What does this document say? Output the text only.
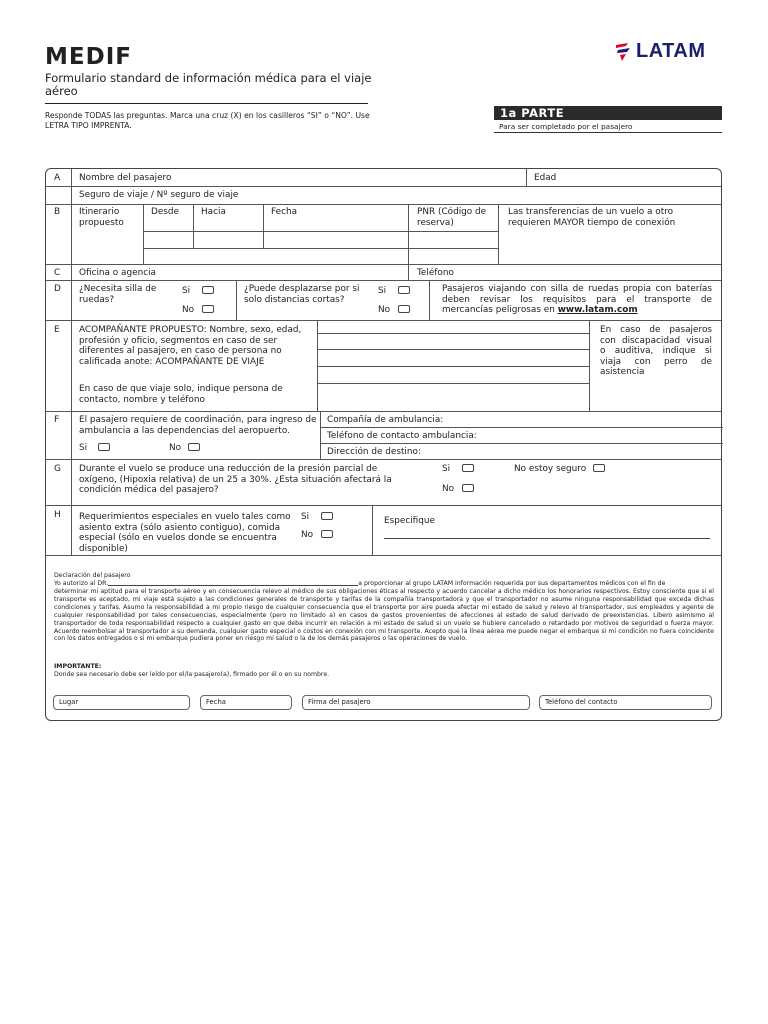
MEDIF
Formulario standard de información médica para el viaje aéreo
Responde TODAS las preguntas. Marca una cruz (X) en los casilleros “SI” o “NO”. Use LETRA TIPO IMPRENTA.
LATAM
1a PARTE
Para ser completado por el pasajero
A Nombre del pasajero	Edad
Seguro de viaje / Nº seguro de viaje
B Itinerario propuesto
Desde Hacia	Fecha	PNR (Código de reserva)
Las transferencias de un vuelo a otro requieren MAYOR tiempo de conexión
C Oficina o agencia	Teléfono
D ¿Necesita silla de ruedas?
Si
No
¿Puede desplazarse por si solo distancias cortas?
Si
No
Pasajeros viajando con silla de ruedas propia con baterías deben revisar los requisitos para el transporte de mercancías peligrosas en www.latam.com
E ACOMPAÑANTE PROPUESTO: Nombre, sexo, edad, profesión y oficio, segmentos en caso de ser diferentes al pasajero, en caso de persona no calificada anote: ACOMPAÑANTE DE VIAJE
En caso de que viaje solo, indique persona de contacto, nombre y teléfono
En caso de pasajeros con discapacidad visual o auditiva, indique si viaja con perro de asistencia
F El pasajero requiere de coordinación, para ingreso de ambulancia a las dependencias del aeropuerto.
Si	No
Compañía de ambulancia:
Teléfono de contacto ambulancia:
Dirección de destino:
G Durante el vuelo se produce una reducción de la presión parcial de oxígeno, (Hipoxia relativa) de un 25 a 30%. ¿Esta situación afectará la condición médica del pasajero?
Si
No
No estoy seguro
H Requerimientos especiales en vuelo tales como asiento extra (sólo asiento contiguo), comida especial (sólo en vuelos donde se encuentra disponible)
Si
No
Especifique
Declaración del pasajero
Yo autorizo al DR.	a proporcionar al grupo LATAM información requerida por sus departamentos médicos con el fin de
determinar mi aptitud para el transporte aéreo y en consecuencia relevo al médico de sus obligaciones éticas al respecto y acuerdo cancelar a dicho médico los honorarios respectivos. Estoy consciente que si el transporte es aceptado, mi viaje está sujeto a las condiciones generales de transporte y tarifas de la compañía transportadora y que el transportador no asume ninguna responsabilidad que exceda dichas condiciones y tarifas. Asumo la responsabilidad a mi propio riesgo de cualquier consecuencia que el transporte por aire pueda afectar mi estado de salud y relevo al transportador, sus empleados y agente de cualquier responsabilidad por tales consecuencias, especialmente (pero no limitado a) en casos de gastos provenientes de afecciones al estado de salud derivado de preexistencias. Libero asimismo al transportador de toda responsabilidad respecto a cualquier gasto en que deba incurrir en relación a mi estado de salud si un vuelo se hubiere cancelado o retardado por motivos de seguridad o fuerza mayor. Acuerdo reembolsar al transportador a su demanda, cualquier gasto especial o costos en conexión con mi transporte. Acepto que la línea aérea me puede negar el embarque si mi condición no fuera coincidente con los datos entregados o si mi embarque pudiera poner en riesgo mi salud o la de los demás pasajeros o las operaciones de vuelo.
IMPORTANTE:
Donde sea necesario debe ser leído por el/la pasajero(a), firmado por él o en su nombre.
Lugar	Fecha	Firma del pasajero	Teléfono del contacto
